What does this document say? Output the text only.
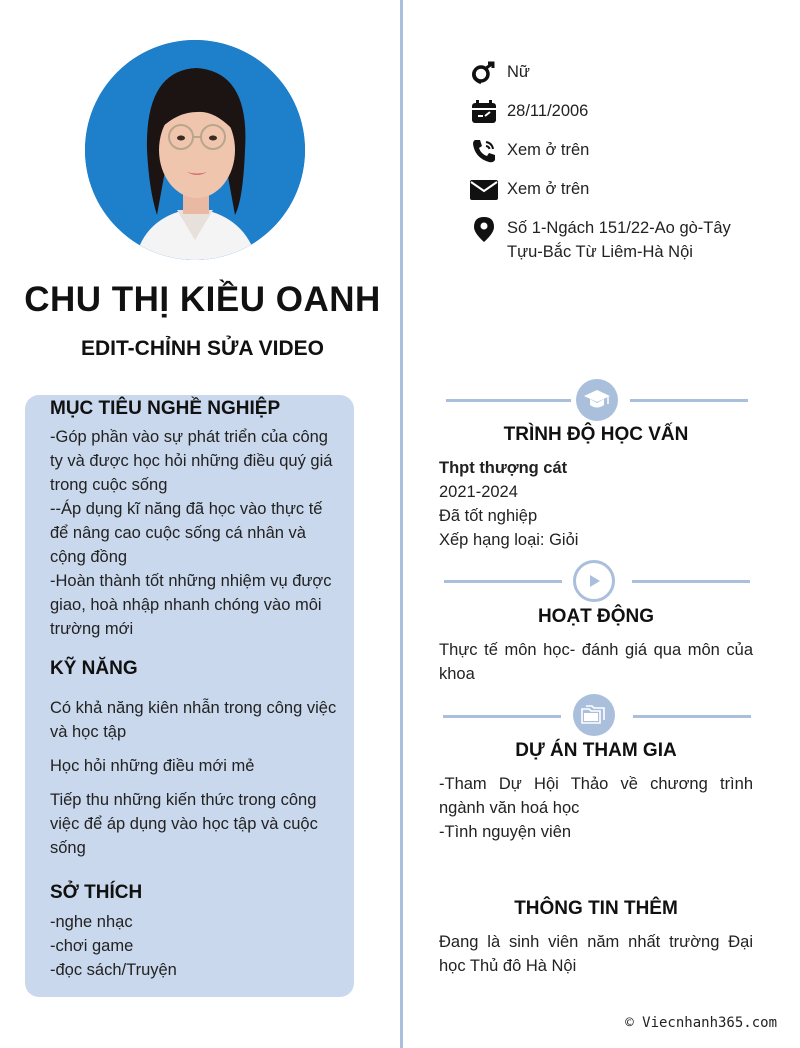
CHU THỊ KIỀU OANH
EDIT-CHỈNH SỬA VIDEO
MỤC TIÊU NGHỀ NGHIỆP
-Góp phần vào sự phát triển của công
ty và được học hỏi những điều quý giá
trong cuộc sống
--Áp dụng kĩ năng đã học vào thực tế
để nâng cao cuộc sống cá nhân và
cộng đồng
-Hoàn thành tốt những nhiệm vụ được
giao, hoà nhập nhanh chóng vào môi
trường mới
KỸ NĂNG
Có khả năng kiên nhẫn trong công việc
và học tập
Học hỏi những điều mới mẻ
Tiếp thu những kiến thức trong công
việc để áp dụng vào học tập và cuộc
sống
SỞ THÍCH
-nghe nhạc
-chơi game
-đọc sách/Truyện
Nữ
28/11/2006
Xem ở trên
Xem ở trên
Số 1-Ngách 151/22-Ao gò-Tây
Tựu-Bắc Từ Liêm-Hà Nội
TRÌNH ĐỘ HỌC VẤN
Thpt thượng cát
2021-2024
Đã tốt nghiệp
Xếp hạng loại: Giỏi
HOẠT ĐỘNG
Thực tế môn học- đánh giá qua môn của
khoa
DỰ ÁN THAM GIA
-Tham Dự Hội Thảo về chương trình
ngành văn hoá học
-Tình nguyện viên
THÔNG TIN THÊM
Đang là sinh viên năm nhất trường Đại
học Thủ đô Hà Nội
© Viecnhanh365.com
